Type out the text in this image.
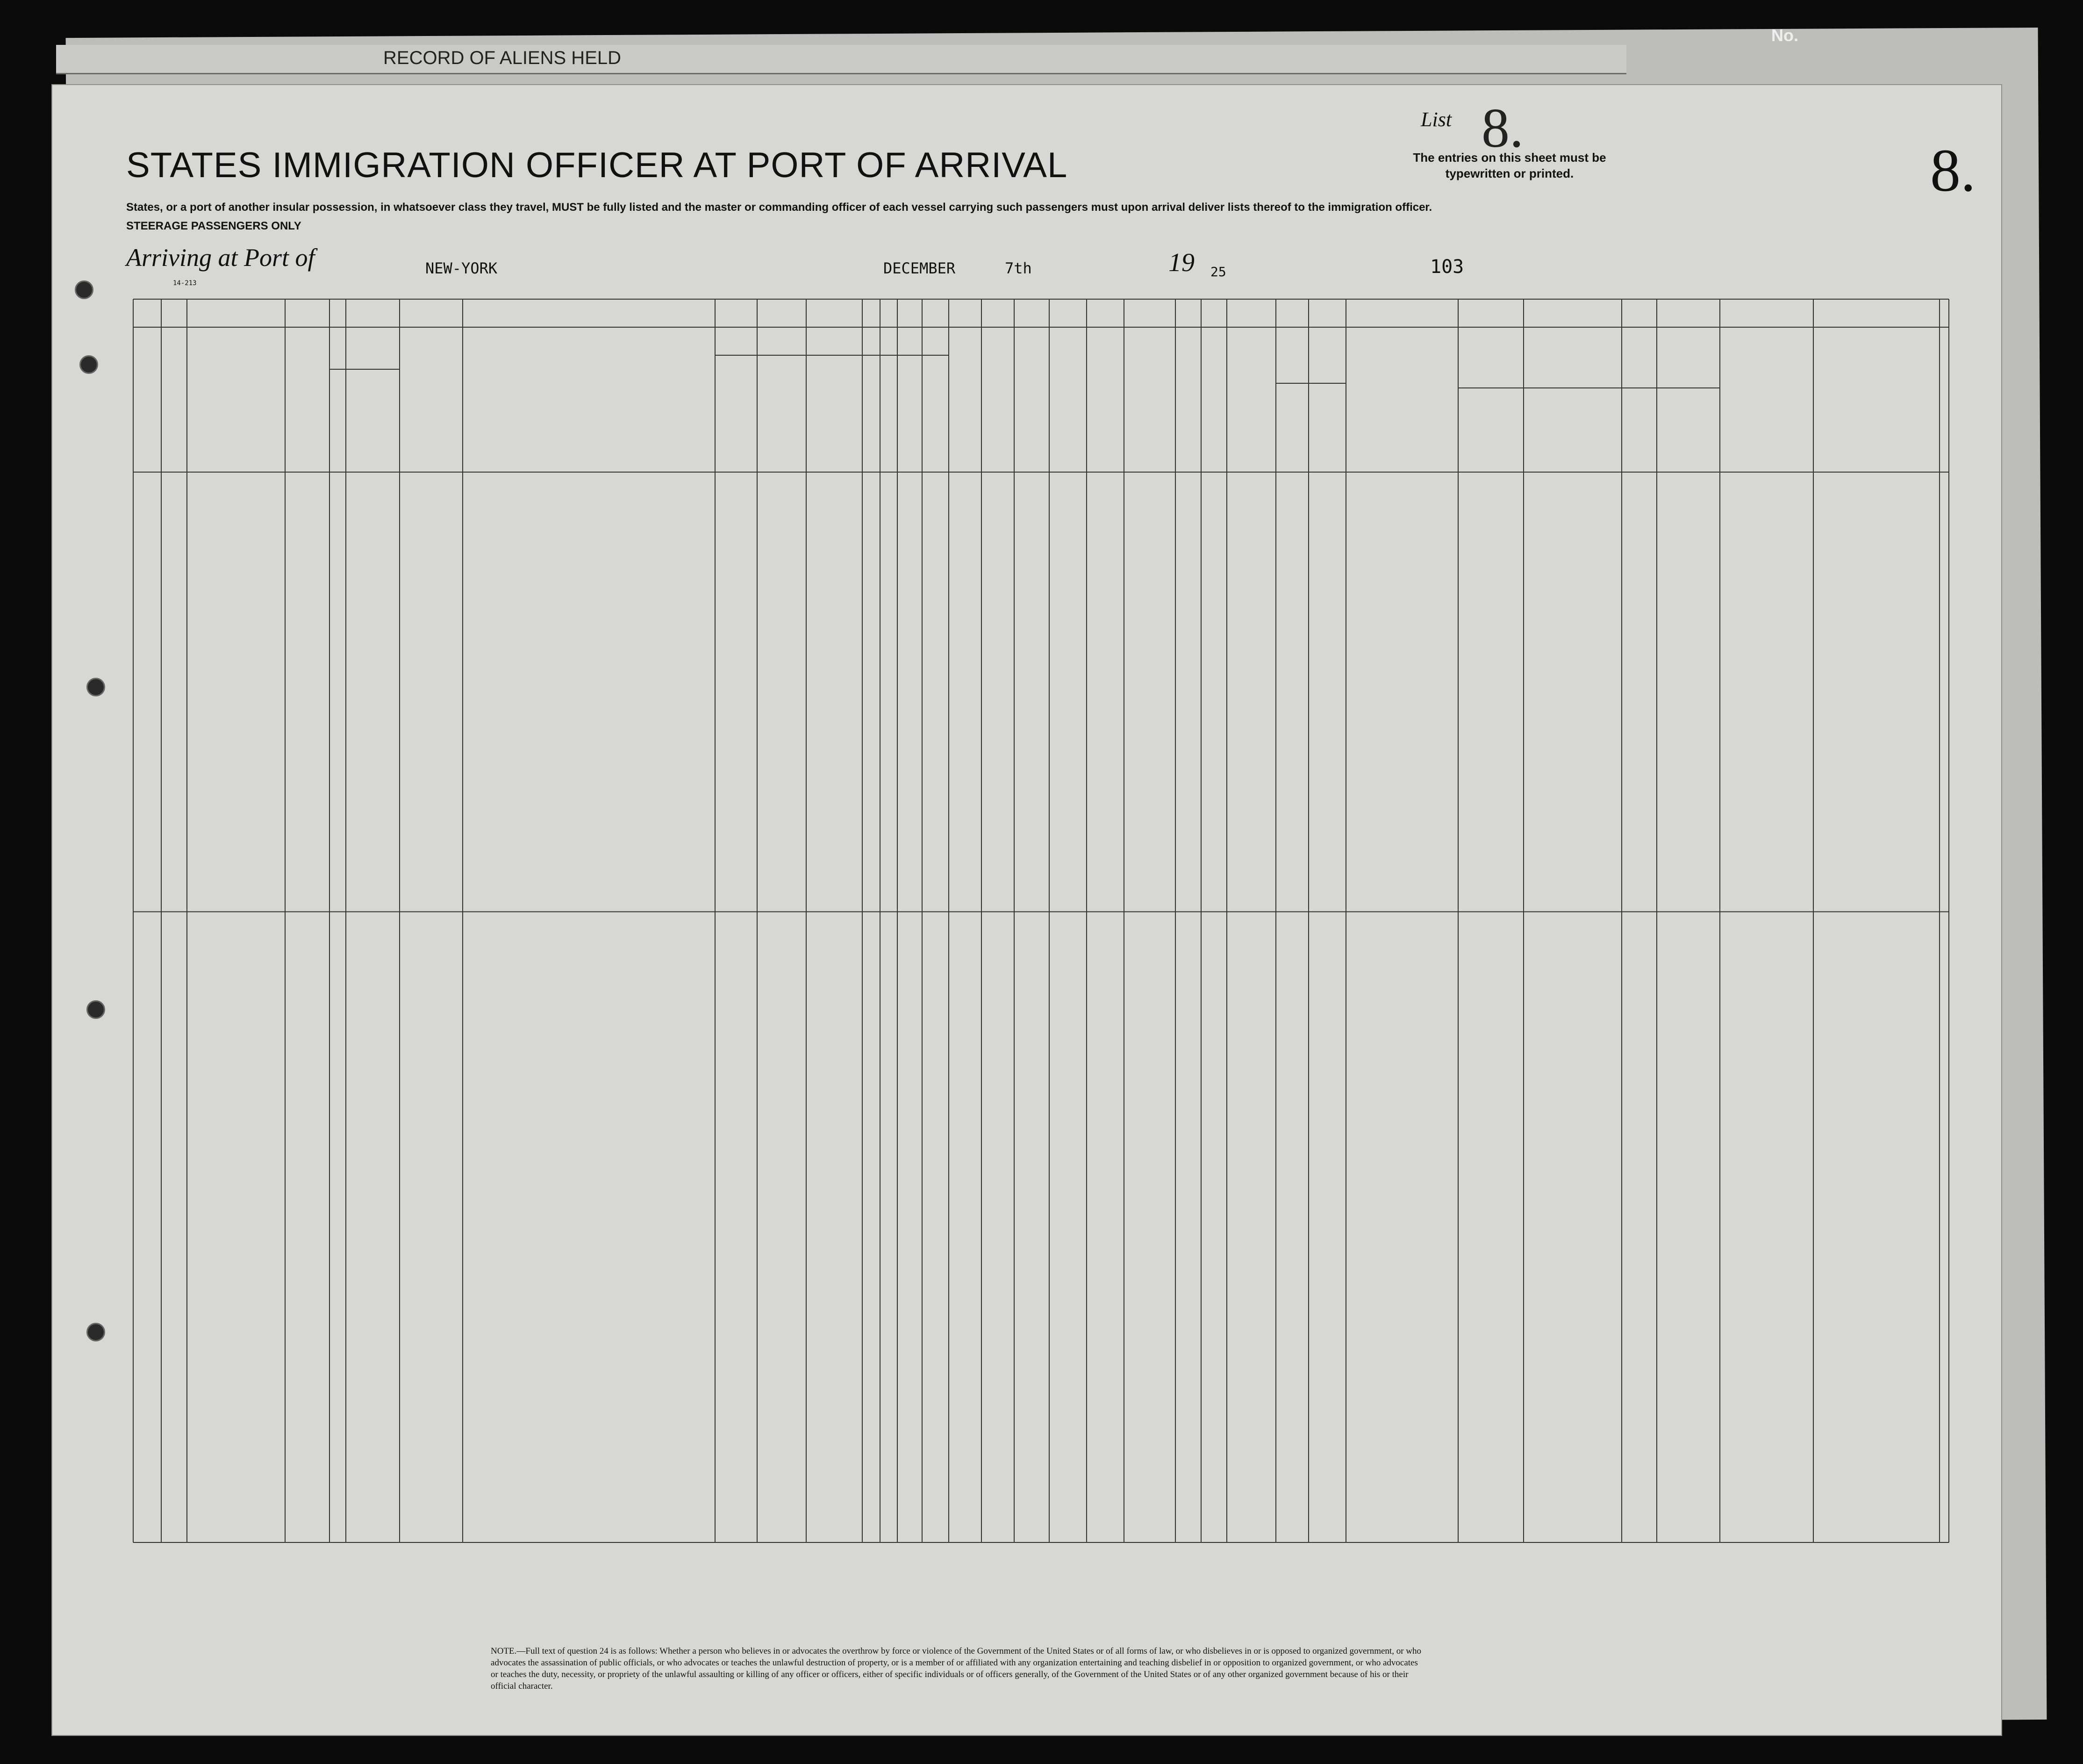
RECORD OF ALIENS HELD
No.
STATES IMMIGRATION OFFICER AT PORT OF ARRIVAL
States, or a port of another insular possession, in whatsoever class they travel, MUST be fully listed and the master or commanding officer of each vessel carrying such passengers must upon arrival deliver lists thereof to the immigration officer.
STEERAGE PASSENGERS ONLY
Arriving at Port of	NEW-YORK	DECEMBER	7th	19 25	103
14-213
List 8.
The entries on this sheet must be typewritten or printed.	8.
NOTE.—Full text of question 24 is as follows: Whether a person who believes in or advocates the overthrow by force or violence of the Government of the United States or of all forms of law, or who disbelieves in or is opposed to organized government, or who advocates the assassination of public officials, or who advocates or teaches the unlawful destruction of property, or is a member of or affiliated with any organization entertaining and teaching disbelief in or opposition to organized government, or who advocates or teaches the duty, necessity, or propriety of the unlawful assaulting or killing of any officer or officers, either of specific individuals or of officers generally, of the Government of the United States or of any other organized government because of his or their official character.
